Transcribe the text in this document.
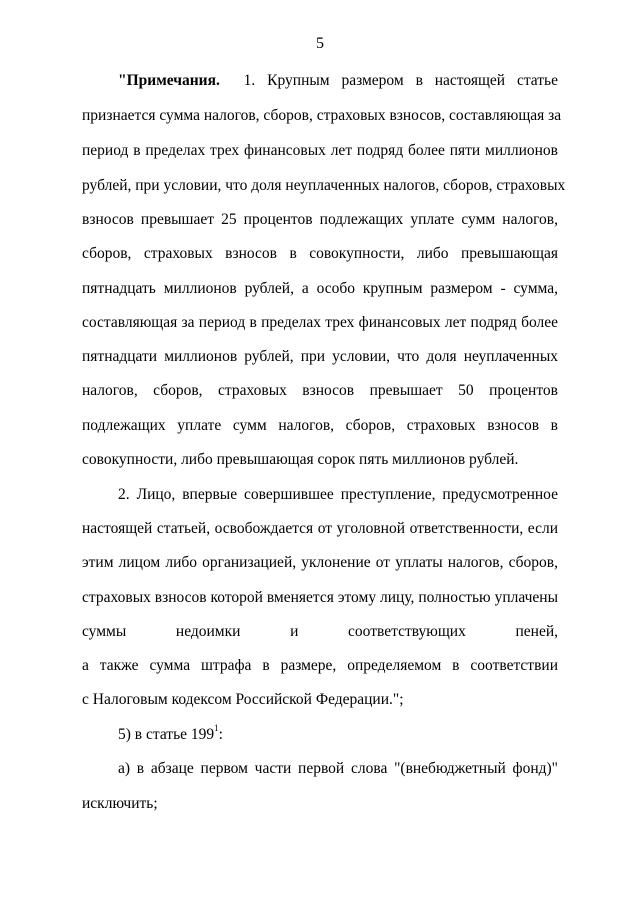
5
"Примечания. 1. Крупным размером в настоящей статье
признается сумма налогов, сборов, страховых взносов, составляющая за
период в пределах трех финансовых лет подряд более пяти миллионов
рублей, при условии, что доля неуплаченных налогов, сборов, страховых
взносов превышает 25 процентов подлежащих уплате сумм налогов,
сборов, страховых взносов в совокупности, либо превышающая
пятнадцать миллионов рублей, а особо крупным размером - сумма,
составляющая за период в пределах трех финансовых лет подряд более
пятнадцати миллионов рублей, при условии, что доля неуплаченных
налогов, сборов, страховых взносов превышает 50 процентов
подлежащих уплате сумм налогов, сборов, страховых взносов в
совокупности, либо превышающая сорок пять миллионов рублей.
2. Лицо, впервые совершившее преступление, предусмотренное
настоящей статьей, освобождается от уголовной ответственности, если
этим лицом либо организацией, уклонение от уплаты налогов, сборов,
страховых взносов которой вменяется этому лицу, полностью уплачены
суммы недоимки и соответствующих пеней,
а также сумма штрафа в размере, определяемом в соответствии
с Налоговым кодексом Российской Федерации.";
5) в статье $199^1$:
а) в абзаце первом части первой слова "(внебюджетный фонд)"
исключить;
